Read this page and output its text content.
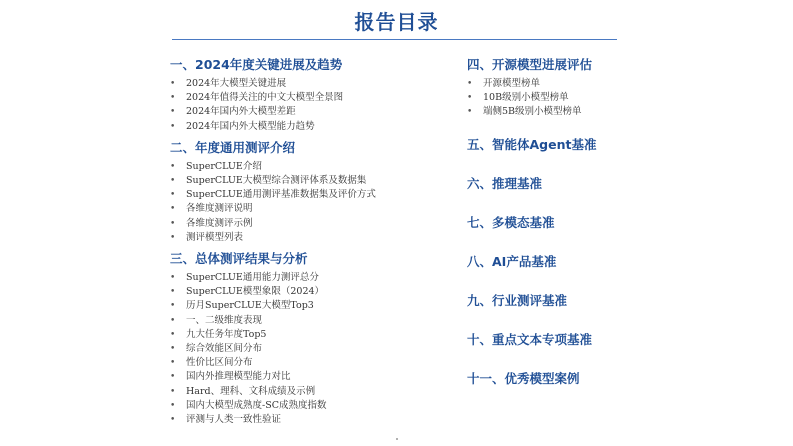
报告目录
一、2024年度关键进展及趋势
• 2024年大模型关键进展
• 2024年值得关注的中文大模型全景图
• 2024年国内外大模型差距
• 2024年国内外大模型能力趋势
二、年度通用测评介绍
• SuperCLUE介绍
• SuperCLUE大模型综合测评体系及数据集
• SuperCLUE通用测评基准数据集及评价方式
• 各维度测评说明
• 各维度测评示例
• 测评模型列表
三、总体测评结果与分析
• SuperCLUE通用能力测评总分
• SuperCLUE模型象限（2024）
• 历月SuperCLUE大模型Top3
• 一、二级维度表现
• 九大任务年度Top5
• 综合效能区间分布
• 性价比区间分布
• 国内外推理模型能力对比
• Hard、理科、文科成绩及示例
• 国内大模型成熟度-SC成熟度指数
• 评测与人类一致性验证
四、开源模型进展评估
• 开源模型榜单
• 10B级别小模型榜单
• 端侧5B级别小模型榜单
五、智能体Agent基准
六、推理基准
七、多模态基准
八、AI产品基准
九、行业测评基准
十、重点文本专项基准
十一、优秀模型案例
